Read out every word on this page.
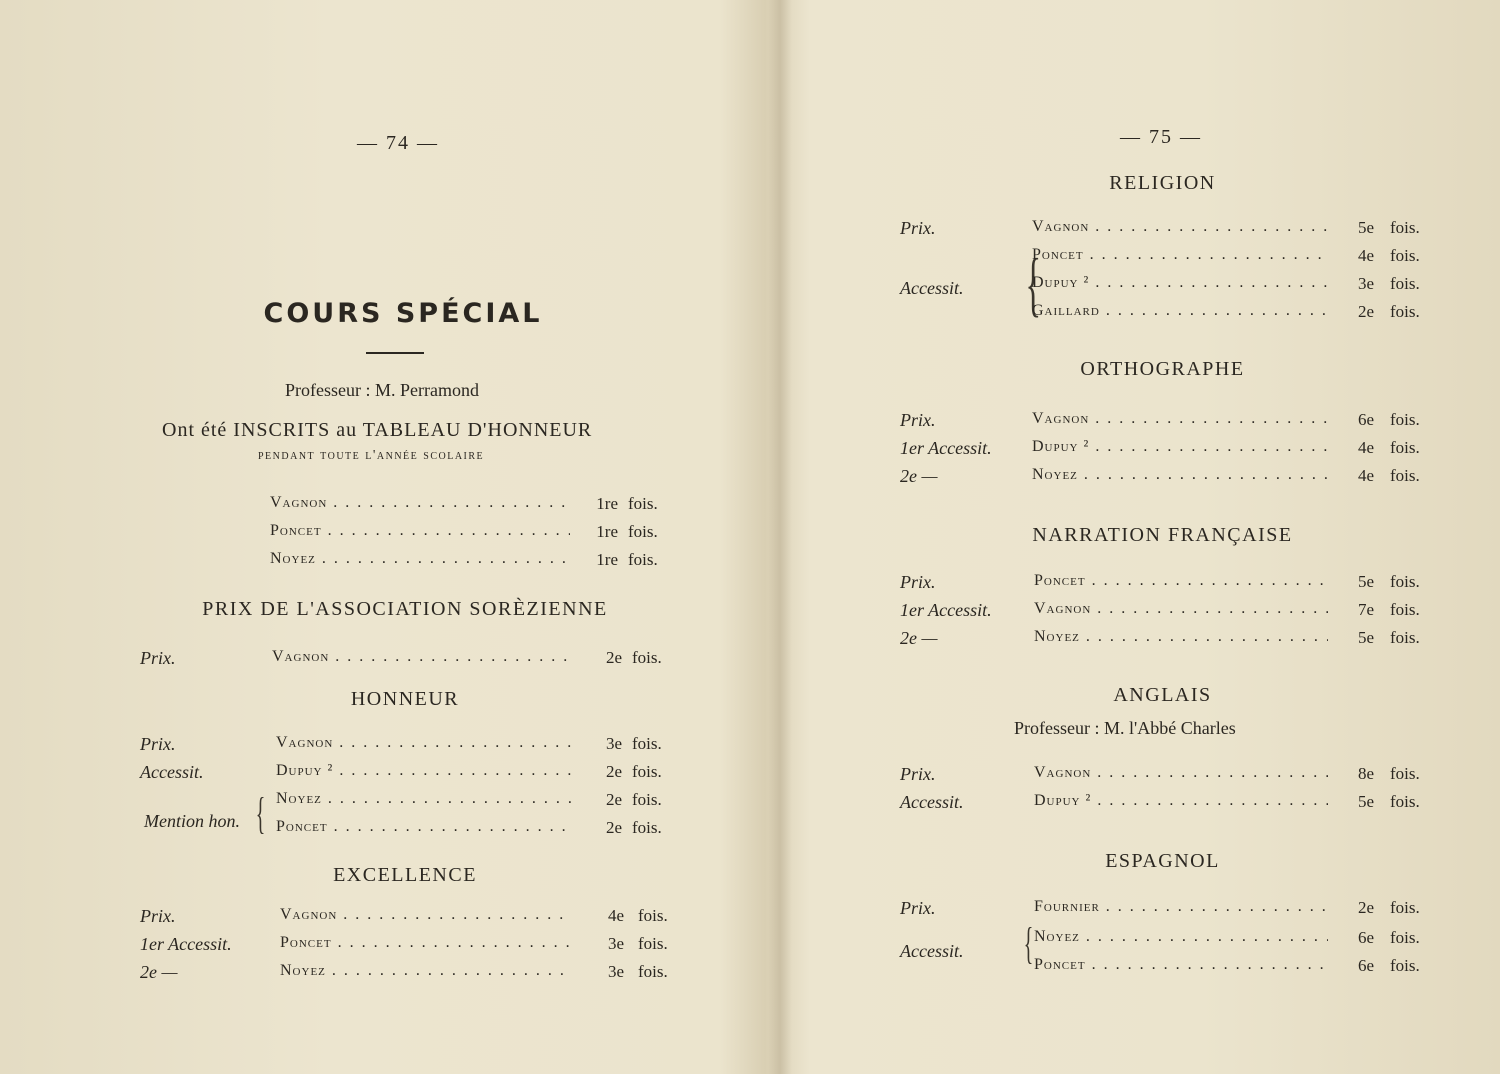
— 74 —
COURS SPÉCIAL
Professeur : M. Perramond
Ont été INSCRITS au TABLEAU D'HONNEUR
pendant toute l'année scolaire
Vagnon . . .	1re fois.
Poncet . . .	1re fois.
Noyez . . .	1re fois.
PRIX DE L'ASSOCIATION SORÈZIENNE
Prix.	Vagnon . . .	2e fois.
HONNEUR
Prix.	Vagnon . . .	3e fois.
Accessit.	Dupuy ² . . .	2e fois.
Mention hon. { Noyez . . .	2e fois.
Poncet . . .	2e fois.
EXCELLENCE
Prix.	Vagnon . . .	4e fois.
1er Accessit.	Poncet . . .	3e fois.
2e —	Noyez . . .	3e fois.
— 75 —
RELIGION
Prix.	Vagnon . . .	5e fois.
Accessit. {
Poncet . . .	4e fois.
Dupuy ² . . .	3e fois.
Gaillard . . .	2e fois.
ORTHOGRAPHE
Prix.	Vagnon . . .	6e fois.
1er Accessit.	Dupuy ² . . .	4e fois.
2e —	Noyez . . .	4e fois.
NARRATION FRANÇAISE
Prix.	Poncet . . .	5e fois.
1er Accessit.	Vagnon . . .	7e fois.
2e —	Noyez . . .	5e fois.
ANGLAIS
Professeur : M. l'Abbé Charles
Prix.	Vagnon . . .	8e fois.
Accessit.	Dupuy ² . . .	5e fois.
ESPAGNOL
Prix.	Fournier . . .	2e fois.
Accessit. { Noyez . . .	6e fois.
Poncet . . .	6e fois.
